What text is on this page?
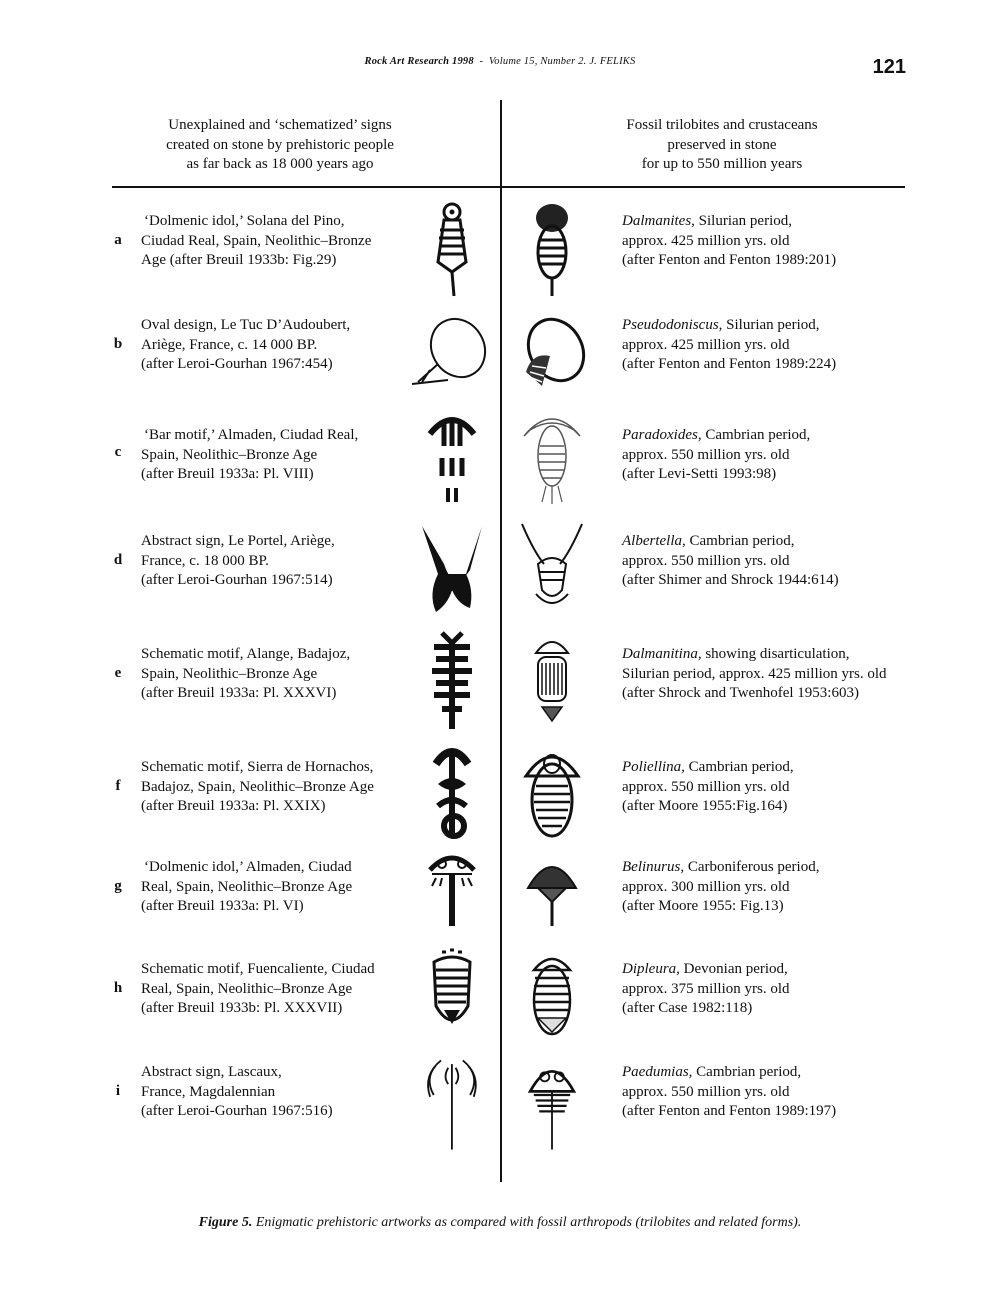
Rock Art Research 1998 - Volume 15, Number 2. J. FELIKS	121
Unexplained and ‘schematized’ signs
created on stone by prehistoric people
as far back as 18 000 years ago
Fossil trilobites and crustaceans
preserved in stone
for up to 550 million years
a
‘Dolmenic idol,’ Solana del Pino,
Ciudad Real, Spain, Neolithic–Bronze
Age (after Breuil 1933b: Fig.29)
Dalmanites, Silurian period,
approx. 425 million yrs. old
(after Fenton and Fenton 1989:201)
b
Oval design, Le Tuc D’Audoubert,
Ariège, France, c. 14 000 BP.
(after Leroi-Gourhan 1967:454)
Pseudodoniscus, Silurian period,
approx. 425 million yrs. old
(after Fenton and Fenton 1989:224)
c
‘Bar motif,’ Almaden, Ciudad Real,
Spain, Neolithic–Bronze Age
(after Breuil 1933a: Pl. VIII)
Paradoxides, Cambrian period,
approx. 550 million yrs. old
(after Levi-Setti 1993:98)
d
Abstract sign, Le Portel, Ariège,
France, c. 18 000 BP.
(after Leroi-Gourhan 1967:514)
Albertella, Cambrian period,
approx. 550 million yrs. old
(after Shimer and Shrock 1944:614)
e
Schematic motif, Alange, Badajoz,
Spain, Neolithic–Bronze Age
(after Breuil 1933a: Pl. XXXVI)
Dalmanitina, showing disarticulation,
Silurian period, approx. 425 million yrs. old
(after Shrock and Twenhofel 1953:603)
f
Schematic motif, Sierra de Hornachos,
Badajoz, Spain, Neolithic–Bronze Age
(after Breuil 1933a: Pl. XXIX)
Poliellina, Cambrian period,
approx. 550 million yrs. old
(after Moore 1955:Fig.164)
g
‘Dolmenic idol,’ Almaden, Ciudad
Real, Spain, Neolithic–Bronze Age
(after Breuil 1933a: Pl. VI)
Belinurus, Carboniferous period,
approx. 300 million yrs. old
(after Moore 1955: Fig.13)
h
Schematic motif, Fuencaliente, Ciudad
Real, Spain, Neolithic–Bronze Age
(after Breuil 1933b: Pl. XXXVII)
Dipleura, Devonian period,
approx. 375 million yrs. old
(after Case 1982:118)
i
Abstract sign, Lascaux,
France, Magdalennian
(after Leroi-Gourhan 1967:516)
Paedumias, Cambrian period,
approx. 550 million yrs. old
(after Fenton and Fenton 1989:197)
Figure 5. Enigmatic prehistoric artworks as compared with fossil arthropods (trilobites and related forms).
